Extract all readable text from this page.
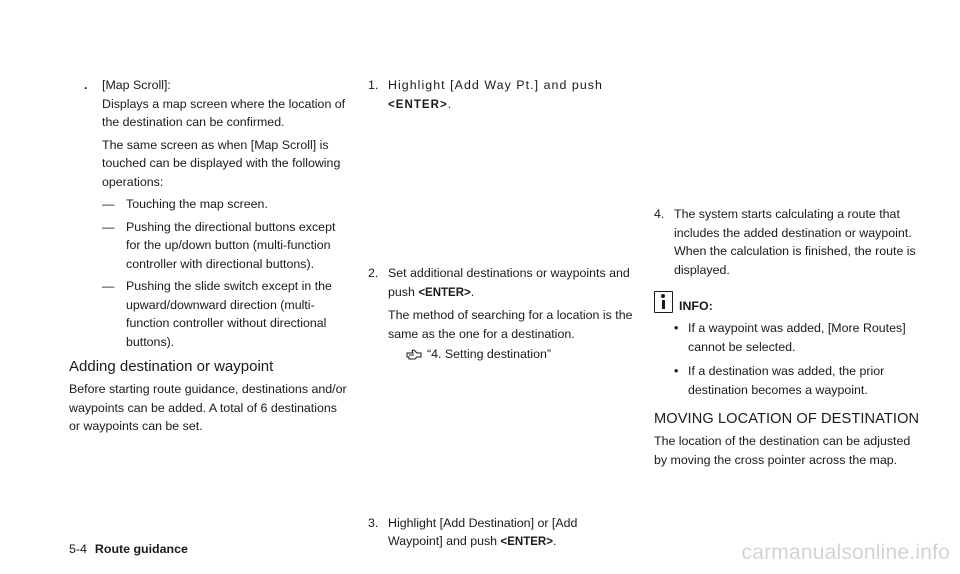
. [Map Scroll]:

Displays a map screen where the location of the destination can be confirmed.

The same screen as when [Map Scroll] is touched can be displayed with the following operations:

— Touching the map screen.

— Pushing the directional buttons except for the up/down button (multi-function controller with directional buttons).

— Pushing the slide switch except in the upward/downward direction (multi-function controller without directional buttons).

Adding destination or waypoint

Before starting route guidance, destinations and/or waypoints can be added. A total of 6 destinations or waypoints can be set.

1. Highlight [Add Way Pt.] and push
<ENTER>.

2. Set additional destinations or waypoints and push <ENTER>.

The method of searching for a location is the same as the one for a destination.

“4. Setting destination”
3. Highlight [Add Destination] or [Add Waypoint] and push <ENTER>.

4. The system starts calculating a route that includes the added destination or waypoint. When the calculation is finished, the route is displayed.

INFO:
• If a waypoint was added, [More Routes] cannot be selected.

• If a destination was added, the prior destination becomes a waypoint.

MOVING LOCATION OF DESTINATION

The location of the destination can be adjusted by moving the cross pointer across the map.

5-4 Route guidance	carmanualsonline.info
